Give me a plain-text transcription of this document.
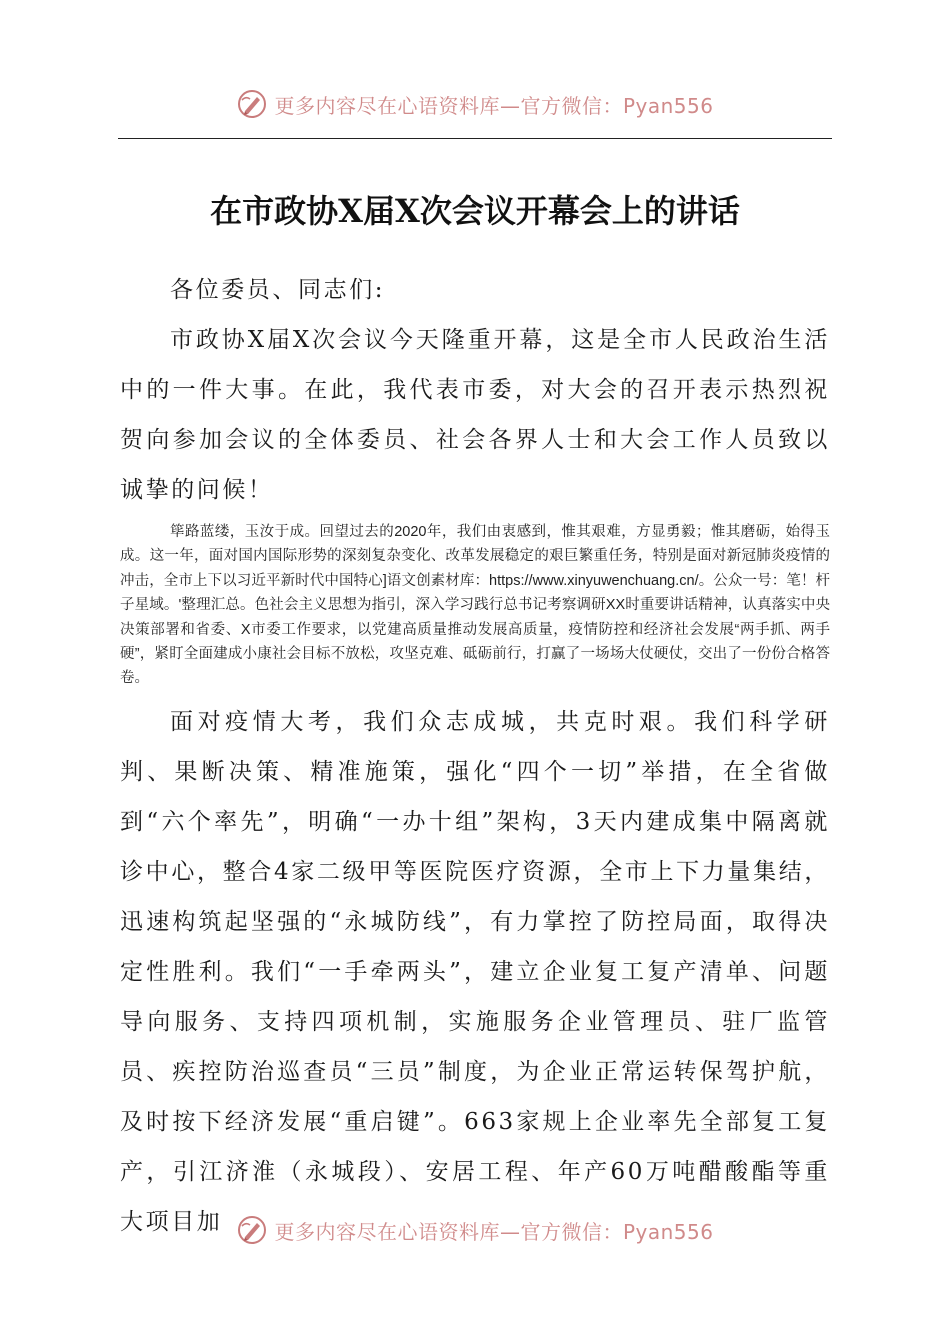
更多内容尽在心语资料库—官方微信：Pyan556
在市政协X届X次会议开幕会上的讲话

各位委员、同志们:

市政协X届X次会议今天隆重开幕，这是全市人民政治生活中的一件大事。在此，我代表市委，对大会的召开表示热烈祝贺向参加会议的全体委员、社会各界人士和大会工作人员致以诚挚的问候！

筚路蓝缕，玉汝于成。回望过去的2020年，我们由衷感到，惟其艰难，方显勇毅；惟其磨砺，始得玉成。这一年，面对国内国际形势的深刻复杂变化、改革发展稳定的艰巨繁重任务，特别是面对新冠肺炎疫情的冲击，全市上下以习近平新时代中国特心]语文创素材库：https://www.xinyuwenchuang.cn/。公众一号：笔！杆子星域。'整理汇总。色社会主义思想为指引，深入学习践行总书记考察调研XX时重要讲话精神，认真落实中央决策部署和省委、X市委工作要求，以党建高质量推动发展高质量，疫情防控和经济社会发展“两手抓、两手硬”，紧盯全面建成小康社会目标不放松，攻坚克难、砥砺前行，打赢了一场场大仗硬仗，交出了一份份合格答卷。

面对疫情大考，我们众志成城，共克时艰。我们科学研判、果断决策、精准施策，强化“四个一切”举措，在全省做到“六个率先”，明确“一办十组”架构，3天内建成集中隔离就诊中心，整合4家二级甲等医院医疗资源，全市上下力量集结，迅速构筑起坚强的“永城防线”，有力掌控了防控局面，取得决定性胜利。我们“一手牵两头”，建立企业复工复产清单、问题导向服务、支持四项机制，实施服务企业管理员、驻厂监管员、疾控防治巡查员“三员”制度，为企业正常运转保驾护航，及时按下经济发展“重启键”。663家规上企业率先全部复工复产，引江济淮（永城段）、安居工程、年产60万吨醋酸酯等重大项目加	更多内容尽在心语资料库—官方微信：Pyan556
